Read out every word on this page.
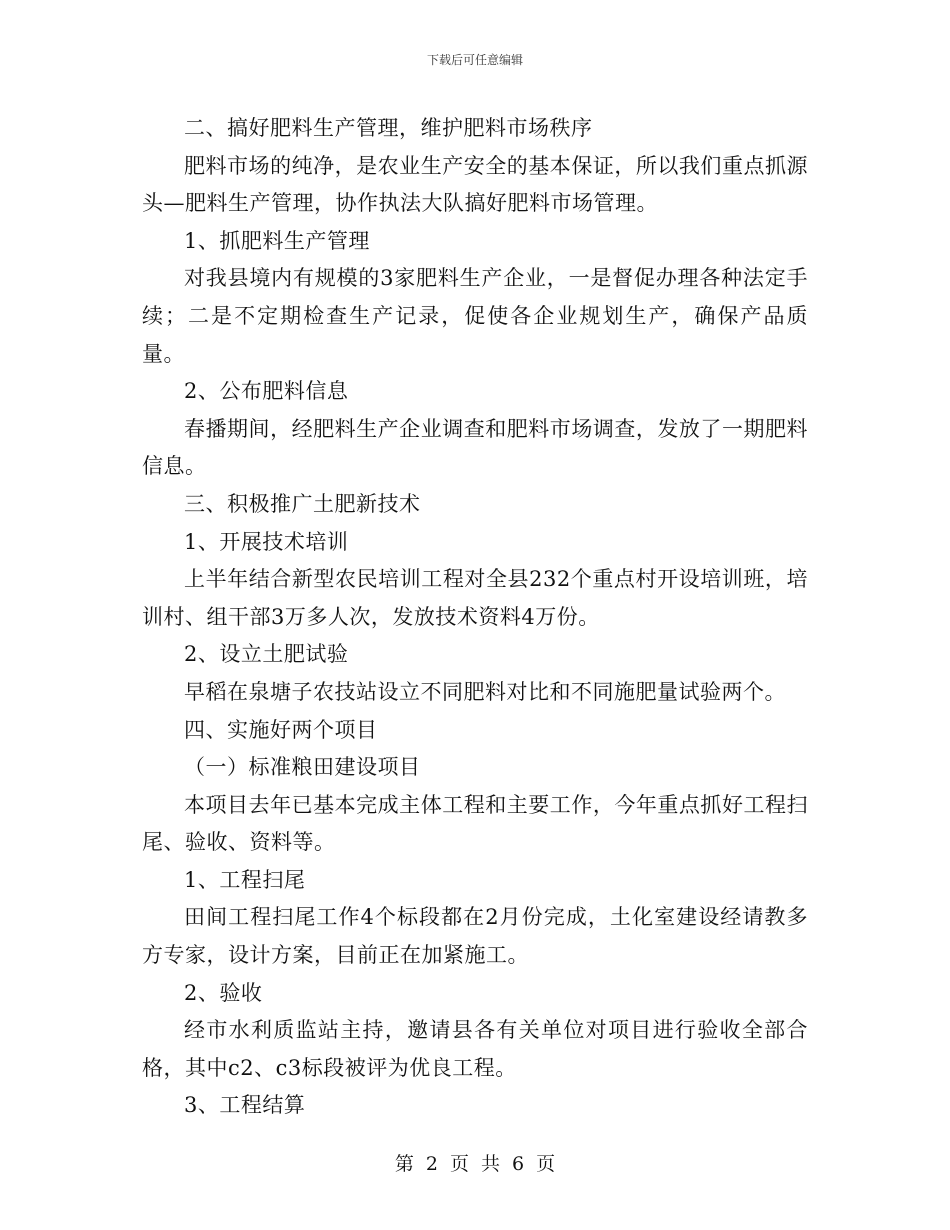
下载后可任意编辑

二、搞好肥料生产管理，维护肥料市场秩序

肥料市场的纯净，是农业生产安全的基本保证，所以我们重点抓源头—肥料生产管理，协作执法大队搞好肥料市场管理。

1、抓肥料生产管理

对我县境内有规模的3家肥料生产企业，一是督促办理各种法定手续；二是不定期检查生产记录，促使各企业规划生产，确保产品质量。

2、公布肥料信息

春播期间，经肥料生产企业调查和肥料市场调查，发放了一期肥料信息。

三、积极推广土肥新技术

1、开展技术培训

上半年结合新型农民培训工程对全县232个重点村开设培训班，培训村、组干部3万多人次，发放技术资料4万份。

2、设立土肥试验

早稻在泉塘子农技站设立不同肥料对比和不同施肥量试验两个。

四、实施好两个项目

（一）标准粮田建设项目

本项目去年已基本完成主体工程和主要工作，今年重点抓好工程扫尾、验收、资料等。

1、工程扫尾

田间工程扫尾工作4个标段都在2月份完成，土化室建设经请教多方专家，设计方案，目前正在加紧施工。

2、验收

经市水利质监站主持，邀请县各有关单位对项目进行验收全部合格，其中c2、c3标段被评为优良工程。

3、工程结算

第 2 页 共 6 页
